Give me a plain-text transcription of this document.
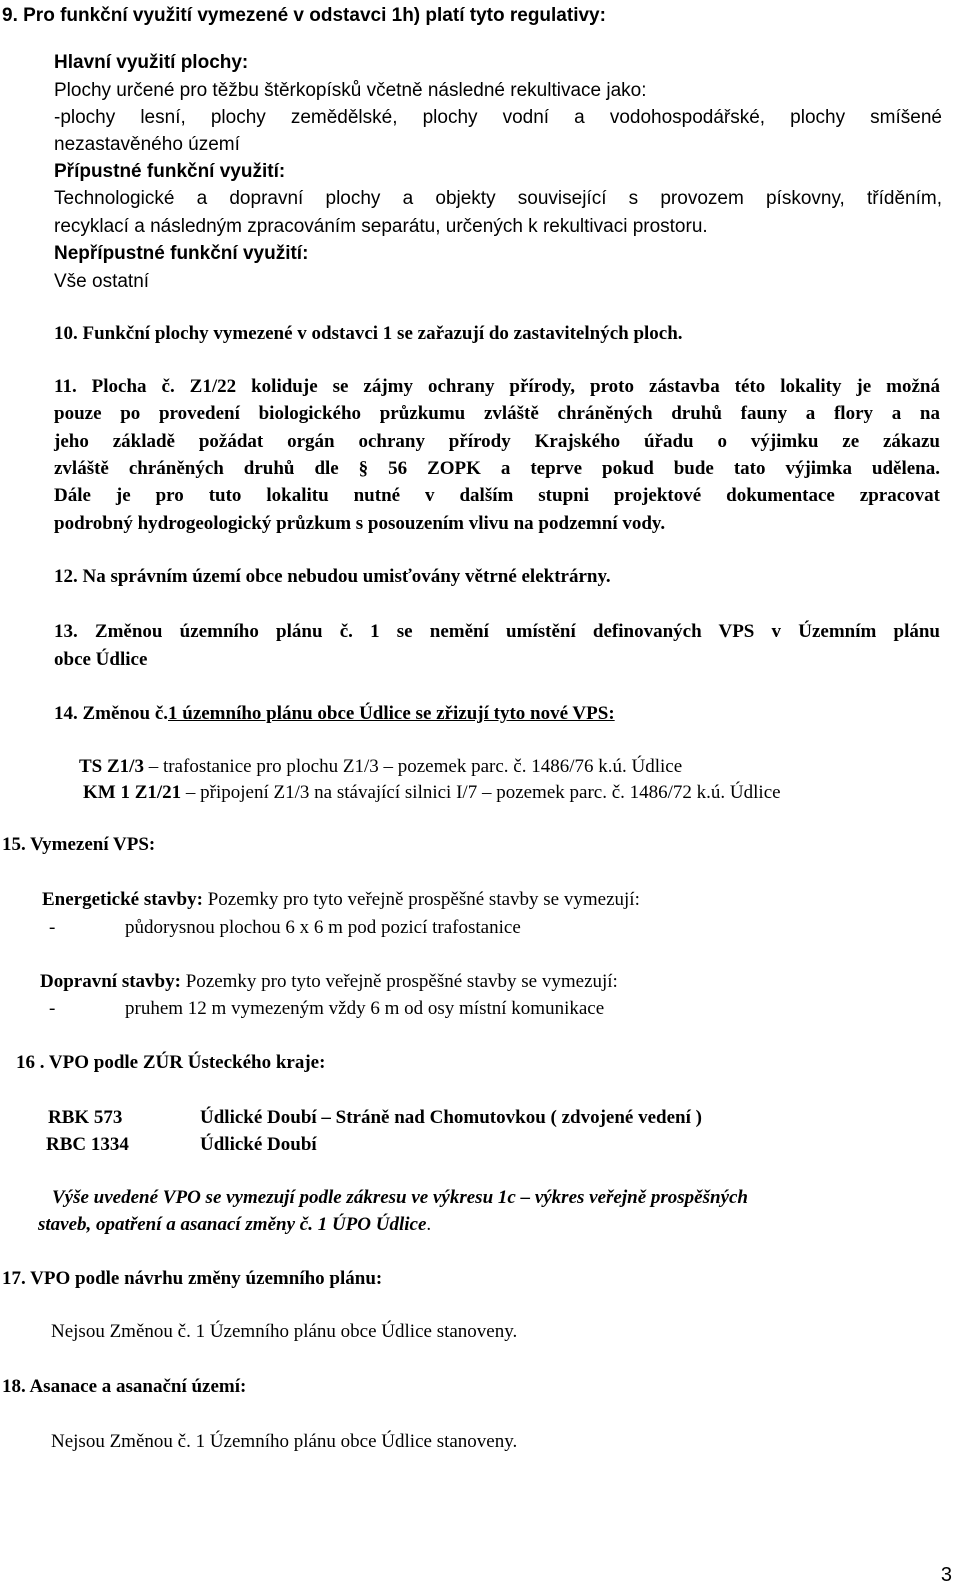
9. Pro funkční využití vymezené v odstavci 1h) platí tyto regulativy:
Hlavní využití plochy:
Plochy určené pro těžbu štěrkopísků včetně následné rekultivace jako:
-plochy lesní, plochy zemědělské, plochy vodní a vodohospodářské, plochy smíšené
nezastavěného území
Přípustné funkční využití:
Technologické a dopravní plochy a objekty související s provozem pískovny, tříděním,
recyklací a následným zpracováním separátu, určených k rekultivaci prostoru.
Nepřípustné funkční využití:
Vše ostatní
10. Funkční plochy vymezené v odstavci 1 se zařazují do zastavitelných ploch.
11. Plocha č. Z1/22 koliduje se zájmy ochrany přírody, proto zástavba této lokality je možná
pouze po provedení biologického průzkumu zvláště chráněných druhů fauny a flory a na
jeho základě požádat orgán ochrany přírody Krajského úřadu o výjimku ze zákazu
zvláště chráněných druhů dle § 56 ZOPK a teprve pokud bude tato výjimka udělena.
Dále je pro tuto lokalitu nutné v dalším stupni projektové dokumentace zpracovat
podrobný hydrogeologický průzkum s posouzením vlivu na podzemní vody.
12. Na správním území obce nebudou umisťovány větrné elektrárny.
13. Změnou územního plánu č. 1 se nemění umístění definovaných VPS v Územním plánu
obce Údlice
14. Změnou č.1 územního plánu obce Údlice se zřizují tyto nové VPS:
TS Z1/3 – trafostanice pro plochu Z1/3 – pozemek parc. č. 1486/76 k.ú. Údlice
KM 1 Z1/21 – připojení Z1/3 na stávající silnici I/7 – pozemek parc. č. 1486/72 k.ú. Údlice
15. Vymezení VPS:
Energetické stavby: Pozemky pro tyto veřejně prospěšné stavby se vymezují:
-	půdorysnou plochou 6 x 6 m pod pozicí trafostanice
Dopravní stavby: Pozemky pro tyto veřejně prospěšné stavby se vymezují:
-	pruhem 12 m vymezeným vždy 6 m od osy místní komunikace
16 . VPO podle ZÚR Ústeckého kraje:
RBK 573	Údlické Doubí – Stráně nad Chomutovkou ( zdvojené vedení )
RBC 1334	Údlické Doubí
Výše uvedené VPO se vymezují podle zákresu ve výkresu 1c – výkres veřejně prospěšných
staveb, opatření a asanací změny č. 1 ÚPO Údlice.
17. VPO podle návrhu změny územního plánu:
Nejsou Změnou č. 1 Územního plánu obce Údlice stanoveny.
18. Asanace a asanační území:
Nejsou Změnou č. 1 Územního plánu obce Údlice stanoveny.
3
